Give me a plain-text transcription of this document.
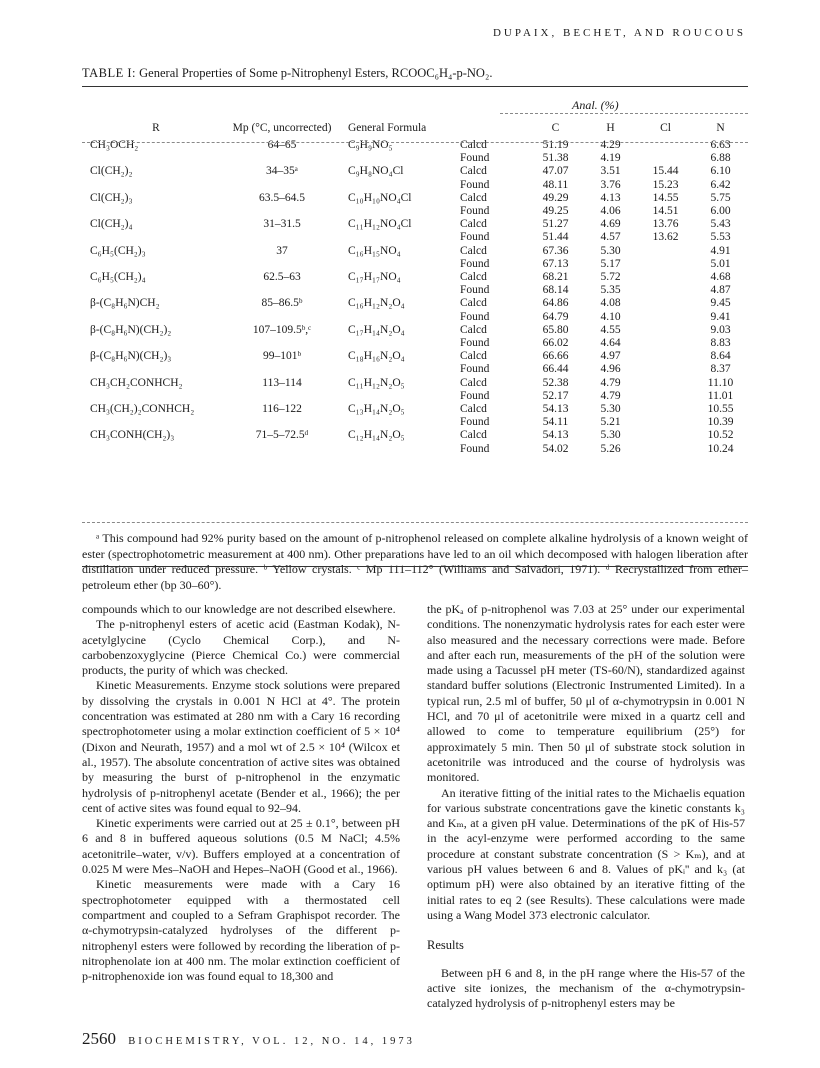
DUPAIX, BECHET, AND ROUCOUS
TABLE I: General Properties of Some p-Nitrophenyl Esters, RCOOC₆H₄-p-NO₂.
Anal. (%)
R	Mp (°C, uncorrected)	General Formula		C	H	Cl	N
CH₃OCH₂	64–65	C₉H₉NO₅	Calcd	51.19	4.29		6.63
			Found	51.38	4.19		6.88
Cl(CH₂)₂	34–35ᵃ	C₉H₈NO₄Cl	Calcd	47.07	3.51	15.44	6.10
			Found	48.11	3.76	15.23	6.42
Cl(CH₂)₃	63.5–64.5	C₁₀H₁₀NO₄Cl	Calcd	49.29	4.13	14.55	5.75
			Found	49.25	4.06	14.51	6.00
Cl(CH₂)₄	31–31.5	C₁₁H₁₂NO₄Cl	Calcd	51.27	4.69	13.76	5.43
			Found	51.44	4.57	13.62	5.53
C₆H₅(CH₂)₃	37	C₁₆H₁₅NO₄	Calcd	67.36	5.30		4.91
			Found	67.13	5.17		5.01
C₆H₅(CH₂)₄	62.5–63	C₁₇H₁₇NO₄	Calcd	68.21	5.72		4.68
			Found	68.14	5.35		4.87
β-(C₈H₆N)CH₂	85–86.5ᵇ	C₁₆H₁₂N₂O₄	Calcd	64.86	4.08		9.45
			Found	64.79	4.10		9.41
β-(C₈H₆N)(CH₂)₂	107–109.5ᵇ,ᶜ	C₁₇H₁₄N₂O₄	Calcd	65.80	4.55		9.03
			Found	66.02	4.64		8.83
β-(C₈H₆N)(CH₂)₃	99–101ᵇ	C₁₈H₁₆N₂O₄	Calcd	66.66	4.97		8.64
			Found	66.44	4.96		8.37
CH₃CH₂CONHCH₂	113–114	C₁₁H₁₂N₂O₅	Calcd	52.38	4.79		11.10
			Found	52.17	4.79		11.01
CH₃(CH₂)₂CONHCH₂	116–122	C₁₃H₁₄N₂O₅	Calcd	54.13	5.30		10.55
			Found	54.11	5.21		10.39
CH₃CONH(CH₂)₃	71–5–72.5ᵈ	C₁₂H₁₄N₂O₅	Calcd	54.13	5.30		10.52
			Found	54.02	5.26		10.24

ᵃ This compound had 92% purity based on the amount of p-nitrophenol released on complete alkaline hydrolysis of a known weight of ester (spectrophotometric measurement at 400 nm). Other preparations have led to an oil which decomposed with halogen liberation after distillation under reduced pressure. ᵇ Yellow crystals. ᶜ Mp 111–112° (Williams and Salvadori, 1971). ᵈ Recrystallized from ether–petroleum ether (bp 30–60°).

compounds which to our knowledge are not described elsewhere.

The p-nitrophenyl esters of acetic acid (Eastman Kodak), N-acetylglycine (Cyclo Chemical Corp.), and N-carbobenzoxyglycine (Pierce Chemical Co.) were commercial products, the purity of which was checked.

Kinetic Measurements. Enzyme stock solutions were prepared by dissolving the crystals in 0.001 N HCl at 4°. The protein concentration was estimated at 280 nm with a Cary 16 recording spectrophotometer using a molar extinction coefficient of 5 × 10⁴ (Dixon and Neurath, 1957) and a mol wt of 2.5 × 10⁴ (Wilcox et al., 1957). The absolute concentration of active sites was obtained by measuring the burst of p-nitrophenol in the enzymatic hydrolysis of p-nitrophenyl acetate (Bender et al., 1966); the per cent of active sites was found equal to 92–94.

Kinetic experiments were carried out at 25 ± 0.1°, between pH 6 and 8 in buffered aqueous solutions (0.5 M NaCl; 4.5% acetonitrile–water, v/v). Buffers employed at a concentration of 0.025 M were Mes–NaOH and Hepes–NaOH (Good et al., 1966).

Kinetic measurements were made with a Cary 16 spectrophotometer equipped with a thermostated cell compartment and coupled to a Sefram Graphispot recorder. The α-chymotrypsin-catalyzed hydrolyses of the different p-nitrophenyl esters were followed by recording the liberation of p-nitrophenolate ion at 400 nm. The molar extinction coefficient of p-nitrophenoxide ion was found equal to 18,300 and

the pKₐ of p-nitrophenol was 7.03 at 25° under our experimental conditions. The nonenzymatic hydrolysis rates for each ester were also measured and the necessary corrections were made. Before and after each run, measurements of the pH of the solution were made using a Tacussel pH meter (TS-60/N), standardized against standard buffer solutions (Electronic Instrumented Limited). In a typical run, 2.5 ml of buffer, 50 μl of α-chymotrypsin in 0.001 N HCl, and 70 μl of acetonitrile were mixed in a quartz cell and allowed to come to temperature equilibrium (25°) for approximately 5 min. Then 50 μl of substrate stock solution in acetonitrile was introduced and the course of hydrolysis was monitored.

An iterative fitting of the initial rates to the Michaelis equation for various substrate concentrations gave the kinetic constants k₃ and Kₘ, at a given pH value. Determinations of the pK of His-57 in the acyl-enzyme were performed according to the same procedure at constant substrate concentration (S > Kₘ), and at various pH values between 6 and 8. Values of pKᵢ'' and k₃ (at optimum pH) were also obtained by an iterative fitting of the initial rates to eq 2 (see Results). These calculations were made using a Wang Model 373 electronic calculator.

Results

Between pH 6 and 8, in the pH range where the His-57 of the active site ionizes, the mechanism of the α-chymotrypsin-catalyzed hydrolysis of p-nitrophenyl esters may be

2560 BIOCHEMISTRY, VOL. 12, NO. 14, 1973
